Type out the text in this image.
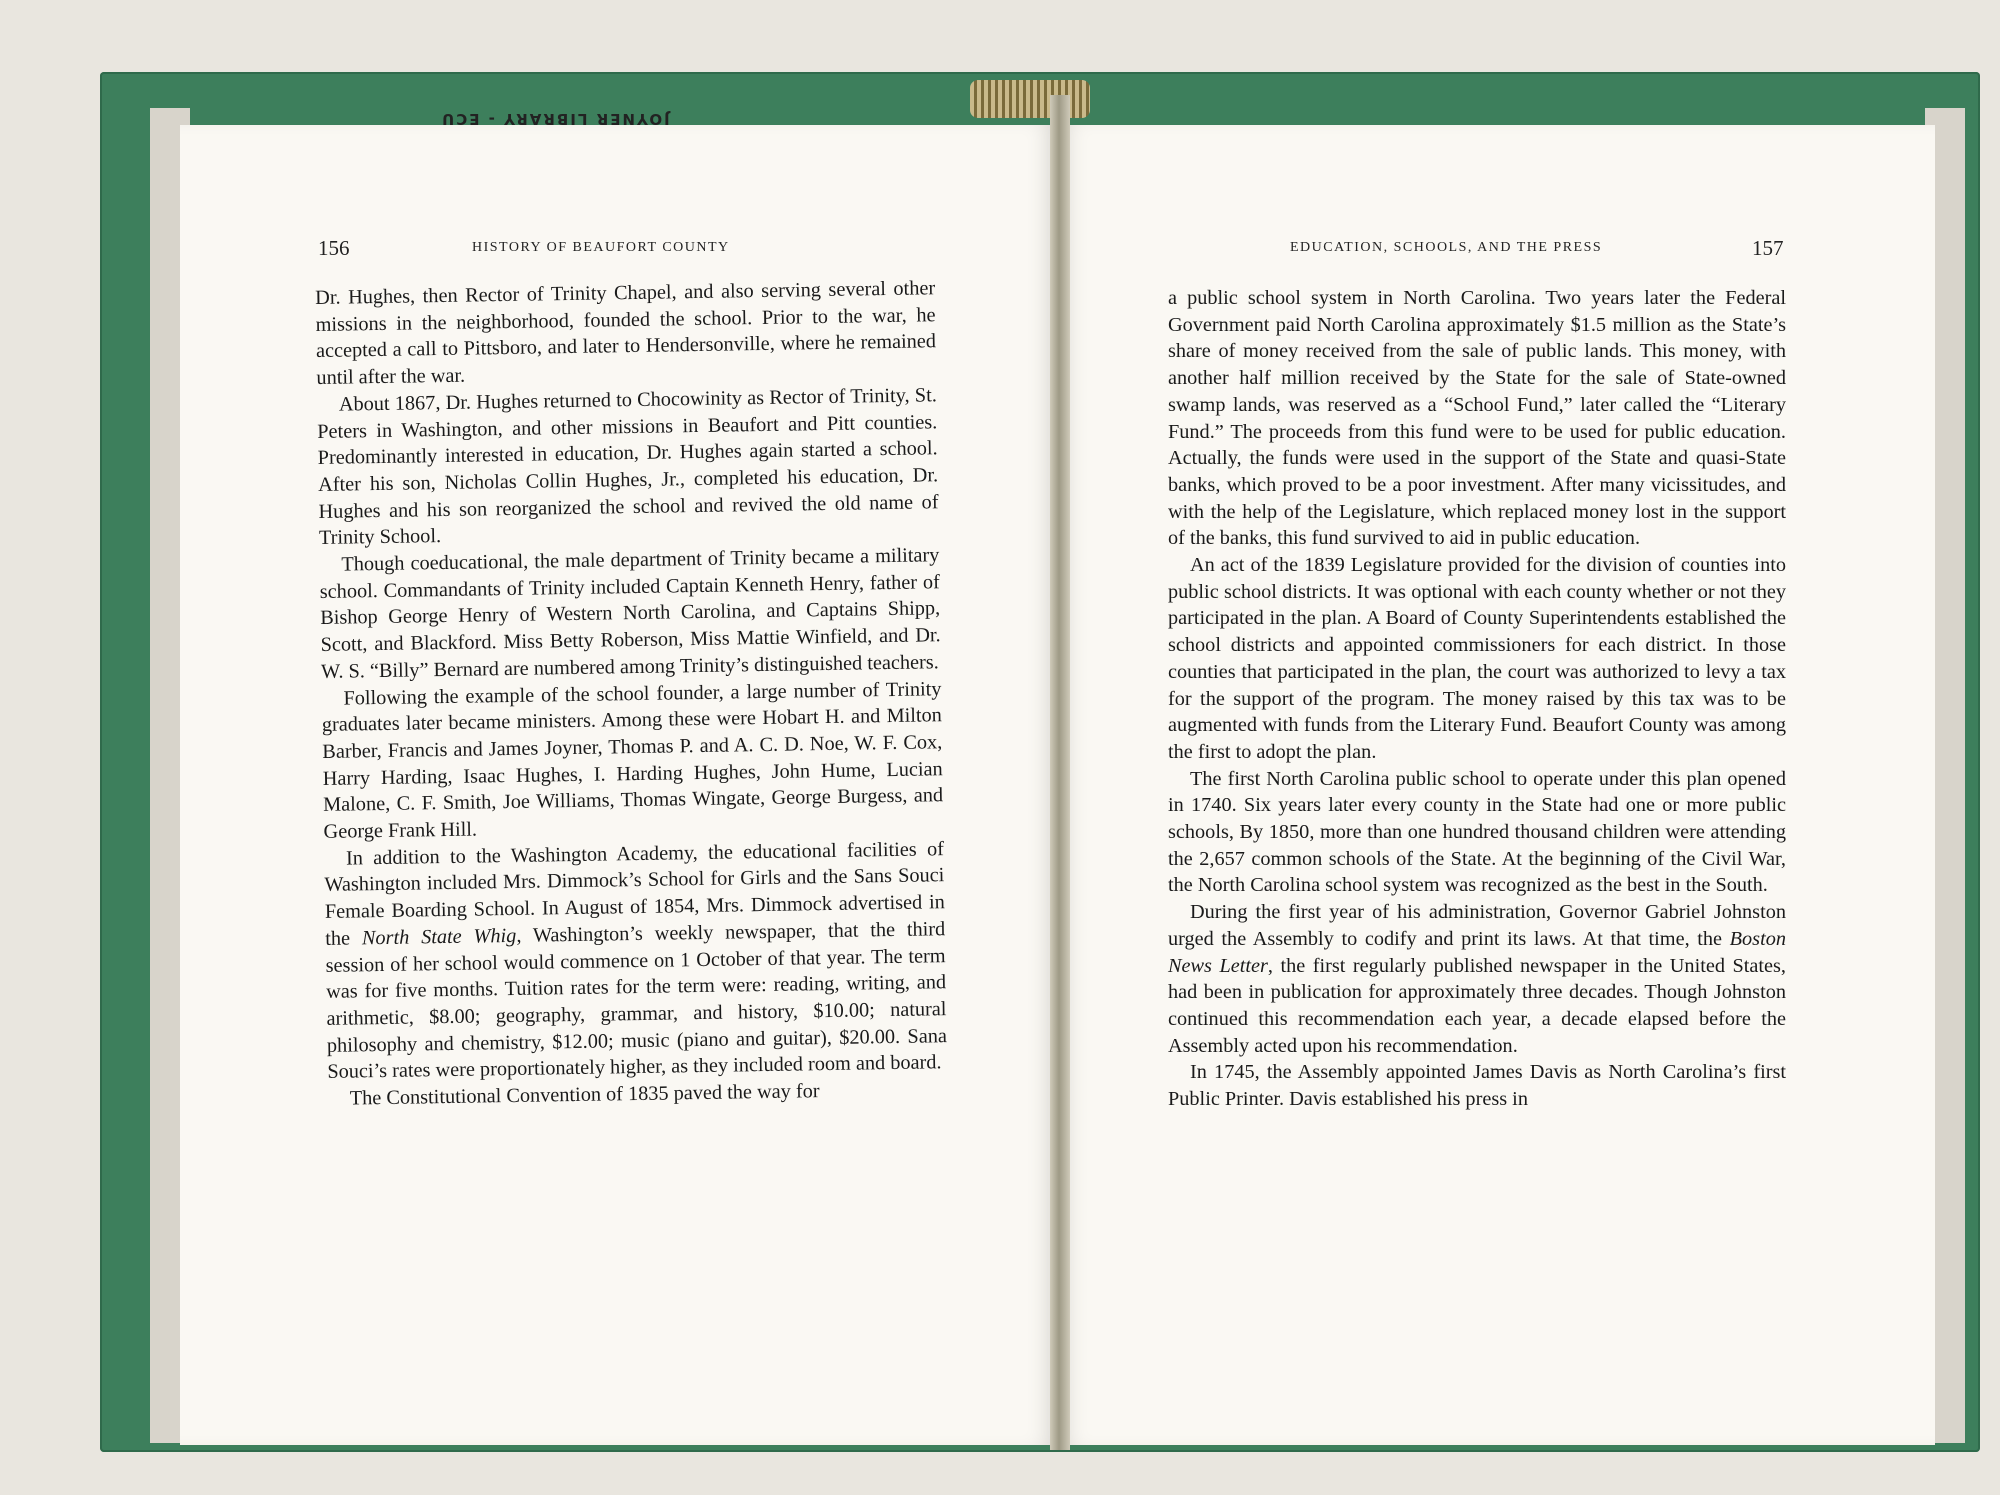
JOYNER LIBRARY - ECU
156	HISTORY OF BEAUFORT COUNTY	EDUCATION, SCHOOLS, AND THE PRESS	157

Dr. Hughes, then Rector of Trinity Chapel, and also serving several other missions in the neighborhood, founded the school. Prior to the war, he accepted a call to Pittsboro, and later to Hendersonville, where he remained until after the war.

About 1867, Dr. Hughes returned to Chocowinity as Rector of Trinity, St. Peters in Washington, and other missions in Beaufort and Pitt counties. Predominantly interested in education, Dr. Hughes again started a school. After his son, Nicholas Collin Hughes, Jr., completed his education, Dr. Hughes and his son reorganized the school and revived the old name of Trinity School.

Though coeducational, the male department of Trinity became a military school. Commandants of Trinity included Captain Kenneth Henry, father of Bishop George Henry of Western North Carolina, and Captains Shipp, Scott, and Blackford. Miss Betty Roberson, Miss Mattie Winfield, and Dr. W. S. “Billy” Bernard are numbered among Trinity’s distinguished teachers.

Following the example of the school founder, a large number of Trinity graduates later became ministers. Among these were Hobart H. and Milton Barber, Francis and James Joyner, Thomas P. and A. C. D. Noe, W. F. Cox, Harry Harding, Isaac Hughes, I. Harding Hughes, John Hume, Lucian Malone, C. F. Smith, Joe Williams, Thomas Wingate, George Burgess, and George Frank Hill.

In addition to the Washington Academy, the educational facilities of Washington included Mrs. Dimmock’s School for Girls and the Sans Souci Female Boarding School. In August of 1854, Mrs. Dimmock advertised in the North State Whig, Washington’s weekly newspaper, that the third session of her school would commence on 1 October of that year. The term was for five months. Tuition rates for the term were: reading, writing, and arithmetic, $8.00; geography, grammar, and history, $10.00; natural philosophy and chemistry, $12.00; music (piano and guitar), $20.00. Sana Souci’s rates were proportionately higher, as they included room and board.

The Constitutional Convention of 1835 paved the way for

a public school system in North Carolina. Two years later the Federal Government paid North Carolina approximately $1.5 million as the State’s share of money received from the sale of public lands. This money, with another half million received by the State for the sale of State-owned swamp lands, was reserved as a “School Fund,” later called the “Literary Fund.” The proceeds from this fund were to be used for public education. Actually, the funds were used in the support of the State and quasi-State banks, which proved to be a poor investment. After many vicissitudes, and with the help of the Legislature, which replaced money lost in the support of the banks, this fund survived to aid in public education.

An act of the 1839 Legislature provided for the division of counties into public school districts. It was optional with each county whether or not they participated in the plan. A Board of County Superintendents established the school districts and appointed commissioners for each district. In those counties that participated in the plan, the court was authorized to levy a tax for the support of the program. The money raised by this tax was to be augmented with funds from the Literary Fund. Beaufort County was among the first to adopt the plan.

The first North Carolina public school to operate under this plan opened in 1740. Six years later every county in the State had one or more public schools, By 1850, more than one hundred thousand children were attending the 2,657 common schools of the State. At the beginning of the Civil War, the North Carolina school system was recognized as the best in the South.

During the first year of his administration, Governor Gabriel Johnston urged the Assembly to codify and print its laws. At that time, the Boston News Letter, the first regularly published newspaper in the United States, had been in publication for approximately three decades. Though Johnston continued this recommendation each year, a decade elapsed before the Assembly acted upon his recommendation.

In 1745, the Assembly appointed James Davis as North Carolina’s first Public Printer. Davis established his press in
